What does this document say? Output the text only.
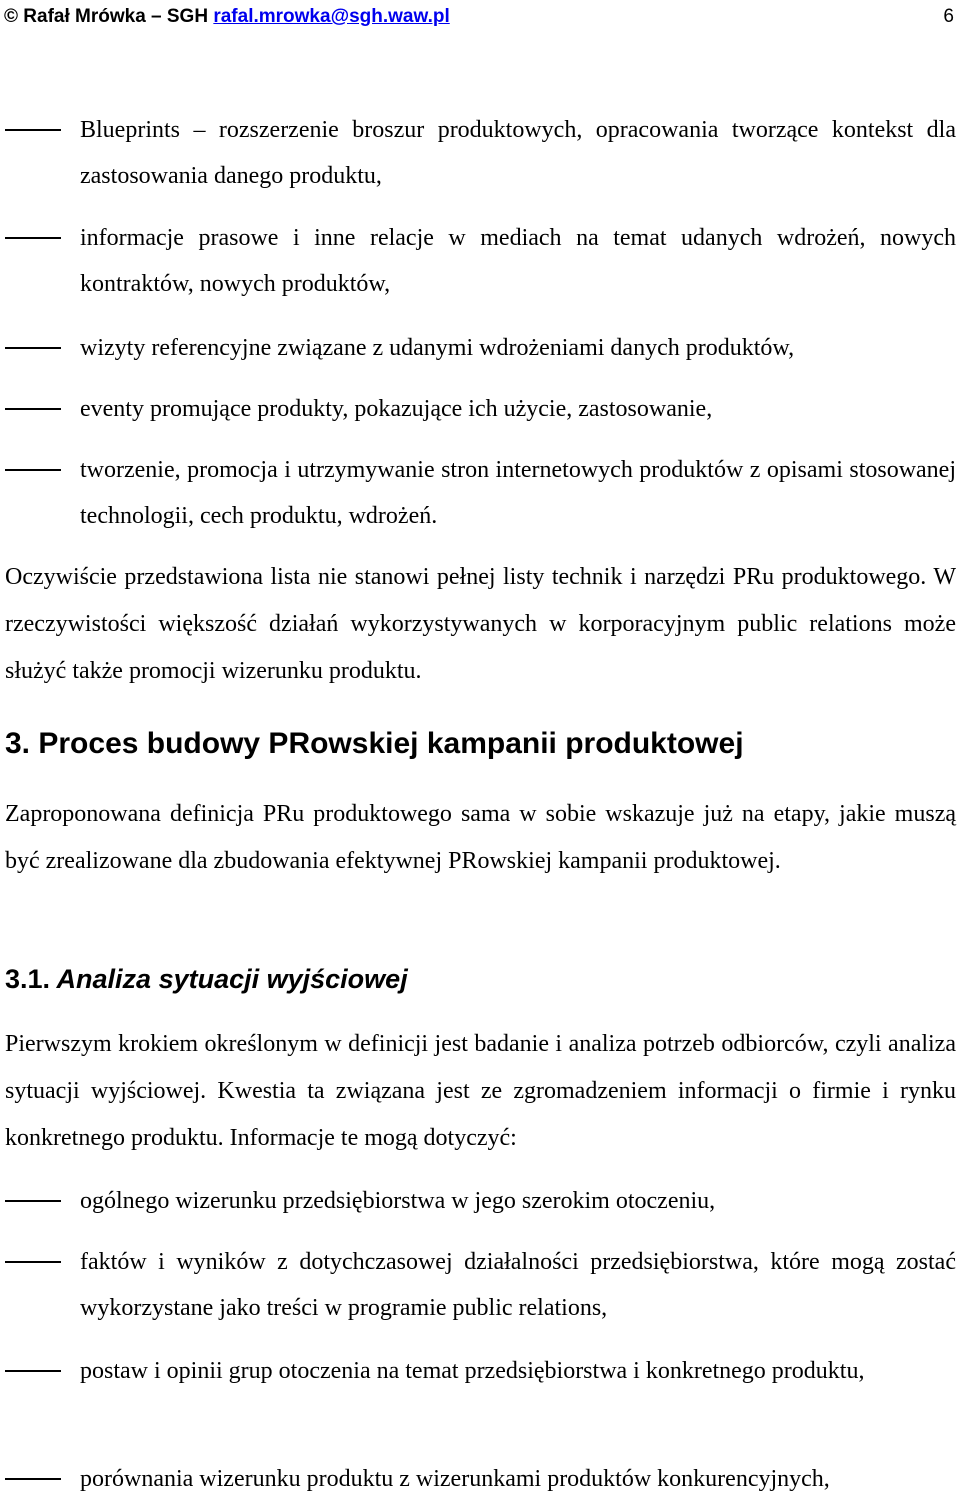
© Rafał Mrówka – SGH rafal.mrowka@sgh.waw.pl	6
Blueprints – rozszerzenie broszur produktowych, opracowania tworzące kontekst dla zastosowania danego produktu,
informacje prasowe i inne relacje w mediach na temat udanych wdrożeń, nowych kontraktów, nowych produktów,
wizyty referencyjne związane z udanymi wdrożeniami danych produktów,
eventy promujące produkty, pokazujące ich użycie, zastosowanie,
tworzenie, promocja i utrzymywanie stron internetowych produktów z opisami stosowanej technologii, cech produktu, wdrożeń.
Oczywiście przedstawiona lista nie stanowi pełnej listy technik i narzędzi PRu produktowego. W rzeczywistości większość działań wykorzystywanych w korporacyjnym public relations może służyć także promocji wizerunku produktu.
3. Proces budowy PRowskiej kampanii produktowej
Zaproponowana definicja PRu produktowego sama w sobie wskazuje już na etapy, jakie muszą być zrealizowane dla zbudowania efektywnej PRowskiej kampanii produktowej.
3.1. Analiza sytuacji wyjściowej
Pierwszym krokiem określonym w definicji jest badanie i analiza potrzeb odbiorców, czyli analiza sytuacji wyjściowej. Kwestia ta związana jest ze zgromadzeniem informacji o firmie i rynku konkretnego produktu. Informacje te mogą dotyczyć:
ogólnego wizerunku przedsiębiorstwa w jego szerokim otoczeniu,
faktów i wyników z dotychczasowej działalności przedsiębiorstwa, które mogą zostać wykorzystane jako treści w programie public relations,
postaw i opinii grup otoczenia na temat przedsiębiorstwa i konkretnego produktu,
porównania wizerunku produktu z wizerunkami produktów konkurencyjnych,
